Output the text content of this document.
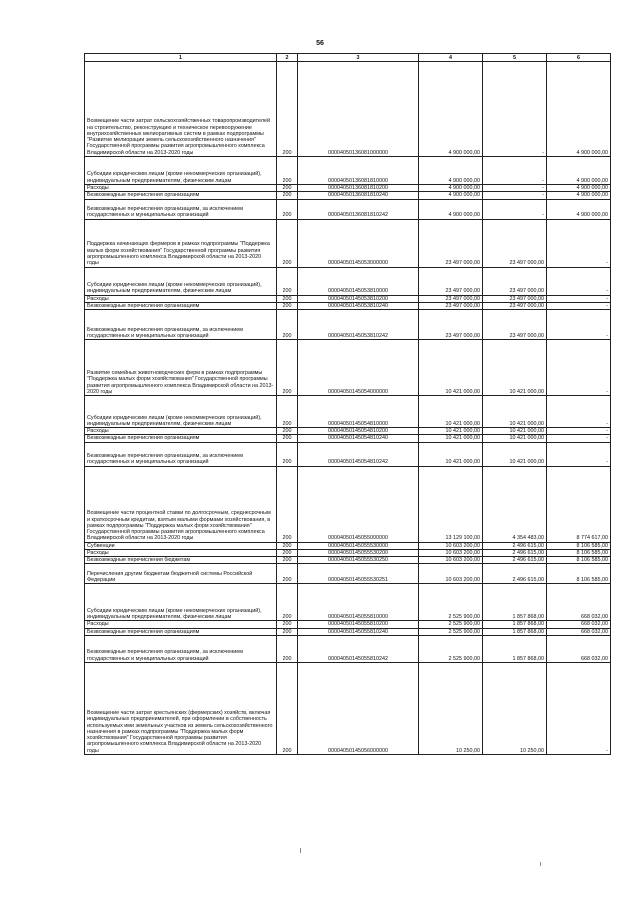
56
1	2	3	4	5	6
Возмещение части затрат сельскохозяйственных товаропроизводителей на строительство, реконструкцию и техническое перевооружение внутрихозяйственных мелиоративных систем в рамках подпрограммы "Развитие мелиорации земель сельскохозяйственного назначения" Государственной программы развития агропромышленного комплекса Владимирской области на 2013-2020 годы	200	00004050136081000000	4 900 000,00	-	4 900 000,00
Субсидии юридическим лицам (кроме некоммерческих организаций), индивидуальным предпринимателям, физическим лицам	200	00004050136081810000	4 900 000,00	-	4 900 000,00
Расходы	200	00004050136081810200	4 900 000,00	-	4 900 000,00
Безвозмездные перечисления организациям	200	00004050136081810240	4 900 000,00	-	4 900 000,00
Безвозмездные перечисления организациям, за исключением государственных и муниципальных организаций	200	00004050136081810242	4 900 000,00	-	4 900 000,00
Поддержка начинающих фермеров в рамках подпрограммы "Поддержка малых форм хозяйствования" Государственной программы развития агропромышленного комплекса Владимирской области на 2013-2020 годы	200	00004050145053000000	23 497 000,00	23 497 000,00	-
Субсидии юридическим лицам (кроме некоммерческих организаций), индивидуальным предпринимателям, физическим лицам	200	00004050145053810000	23 497 000,00	23 497 000,00	-
Расходы	200	00004050145053810200	23 497 000,00	23 497 000,00	-
Безвозмездные перечисления организациям	200	00004050145053810240	23 497 000,00	23 497 000,00	-
Безвозмездные перечисления организациям, за исключением государственных и муниципальных организаций	200	00004050145053810242	23 497 000,00	23 497 000,00	-
Развитие семейных животноводческих ферм в рамках подпрограммы "Поддержка малых форм хозяйствования" Государственной программы развития агропромышленного комплекса Владимирской области на 2013-2020 годы	200	00004050145054000000	10 421 000,00	10 421 000,00	-
Субсидии юридическим лицам (кроме некоммерческих организаций), индивидуальным предпринимателям, физическим лицам	200	00004050145054810000	10 421 000,00	10 421 000,00	-
Расходы	200	00004050145054810200	10 421 000,00	10 421 000,00	-
Безвозмездные перечисления организациям	200	00004050145054810240	10 421 000,00	10 421 000,00	-
Безвозмездные перечисления организациям, за исключением государственных и муниципальных организаций	200	00004050145054810242	10 421 000,00	10 421 000,00	-
Возмещение части процентной ставки по долгосрочным, среднесрочным и краткосрочным кредитам, взятым малыми формами хозяйствования, в рамках подпрограммы "Поддержка малых форм хозяйствования" Государственной программы развития агропромышленного комплекса Владимирской области на 2013-2020 годы	200	00004050145055000000	13 129 100,00	4 354 483,00	8 774 617,00
Субвенции	200	00004050145055530000	10 603 200,00	2 496 615,00	8 106 585,00
Расходы	200	00004050145055530200	10 603 200,00	2 496 615,00	8 106 585,00
Безвозмездные перечисления бюджетам	200	00004050145055530250	10 603 200,00	2 496 615,00	8 106 585,00
Перечисления другим бюджетам бюджетной системы Российской Федерации	200	00004050145055530251	10 603 200,00	2 496 615,00	8 106 585,00
Субсидии юридическим лицам (кроме некоммерческих организаций), индивидуальным предпринимателям, физическим лицам	200	00004050145055810000	2 525 900,00	1 857 868,00	668 032,00
Расходы	200	00004050145055810200	2 525 900,00	1 857 868,00	668 032,00
Безвозмездные перечисления организациям	200	00004050145055810240	2 525 900,00	1 857 868,00	668 032,00
Безвозмездные перечисления организациям, за исключением государственных и муниципальных организаций	200	00004050145055810242	2 525 900,00	1 857 868,00	668 032,00
Возмещение части затрат крестьянских (фермерских) хозяйств, включая индивидуальных предпринимателей, при оформлении в собственность используемых ими земельных участков из земель сельскохозяйственного назначения в рамках подпрограммы "Поддержка малых форм хозяйствования" Государственной программы развития агропромышленного комплекса Владимирской области на 2013-2020 годы	200	00004050145056000000	10 250,00	10 250,00	-
